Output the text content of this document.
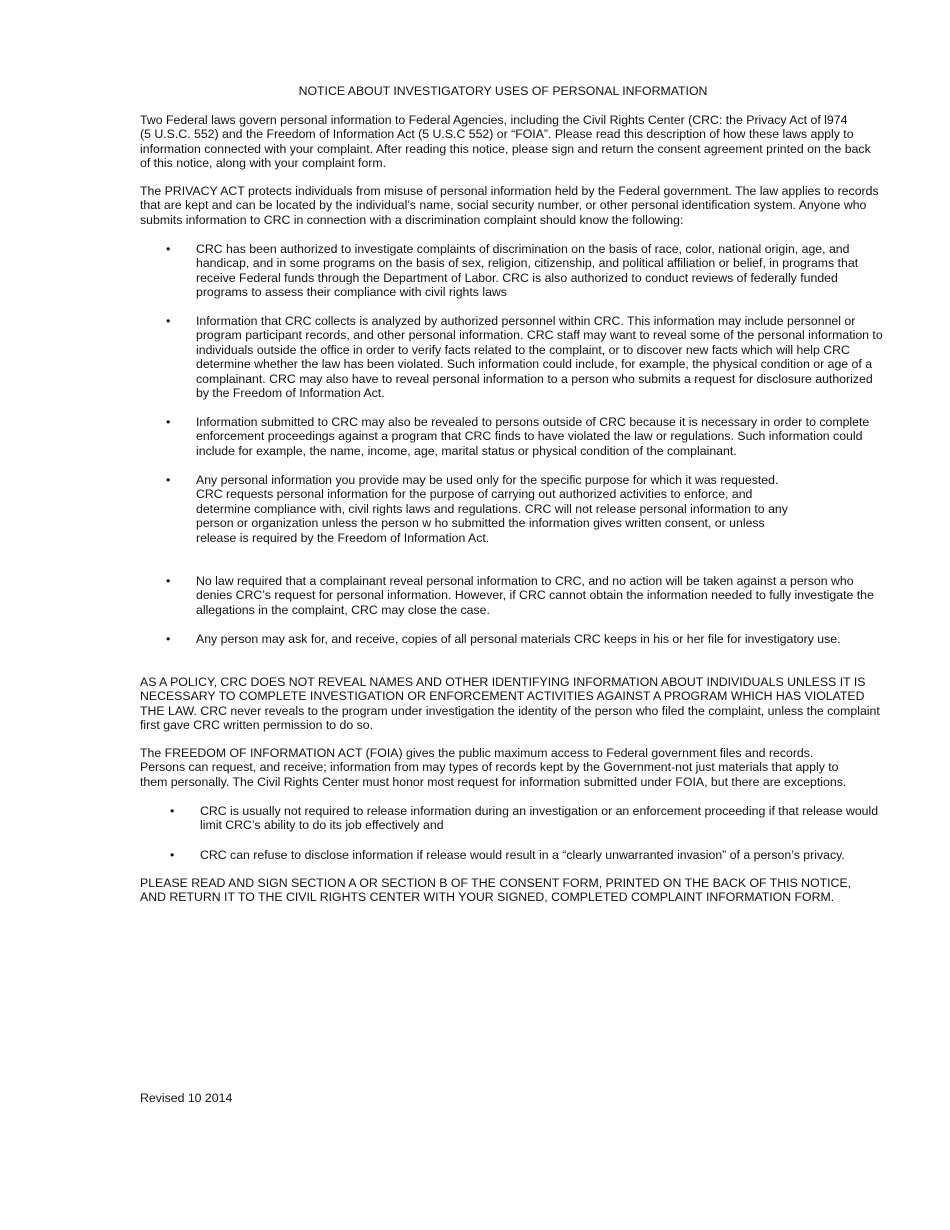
NOTICE ABOUT INVESTIGATORY USES OF PERSONAL INFORMATION
Two Federal laws govern personal information to Federal Agencies, including the Civil Rights Center (CRC: the Privacy Act of l974
(5 U.S.C. 552) and the Freedom of Information Act (5 U.S.C 552) or “FOIA”. Please read this description of how these laws apply to
information connected with your complaint. After reading this notice, please sign and return the consent agreement printed on the back
of this notice, along with your complaint form.
The PRIVACY ACT protects individuals from misuse of personal information held by the Federal government. The law applies to records
that are kept and can be located by the individual’s name, social security number, or other personal identification system. Anyone who
submits information to CRC in connection with a discrimination complaint should know the following:
•	CRC has been authorized to investigate complaints of discrimination on the basis of race, color, national origin, age, and
handicap, and in some programs on the basis of sex, religion, citizenship, and political affiliation or belief, in programs that
receive Federal funds through the Department of Labor. CRC is also authorized to conduct reviews of federally funded
programs to assess their compliance with civil rights laws
•	Information that CRC collects is analyzed by authorized personnel within CRC. This information may include personnel or
program participant records, and other personal information. CRC staff may want to reveal some of the personal information to
individuals outside the office in order to verify facts related to the complaint, or to discover new facts which will help CRC
determine whether the law has been violated. Such information could include, for example, the physical condition or age of a
complainant. CRC may also have to reveal personal information to a person who submits a request for disclosure authorized
by the Freedom of Information Act.
•	Information submitted to CRC may also be revealed to persons outside of CRC because it is necessary in order to complete
enforcement proceedings against a program that CRC finds to have violated the law or regulations. Such information could
include for example, the name, income, age, marital status or physical condition of the complainant.
•	Any personal information you provide may be used only for the specific purpose for which it was requested.
CRC requests personal information for the purpose of carrying out authorized activities to enforce, and
determine compliance with, civil rights laws and regulations. CRC will not release personal information to any
person or organization unless the person w ho submitted the information gives written consent, or unless
release is required by the Freedom of Information Act.
•	No law required that a complainant reveal personal information to CRC, and no action will be taken against a person who
denies CRC’s request for personal information. However, if CRC cannot obtain the information needed to fully investigate the
allegations in the complaint, CRC may close the case.
•	Any person may ask for, and receive, copies of all personal materials CRC keeps in his or her file for investigatory use.
AS A POLICY, CRC DOES NOT REVEAL NAMES AND OTHER IDENTIFYING INFORMATION ABOUT INDIVIDUALS UNLESS IT IS
NECESSARY TO COMPLETE INVESTIGATION OR ENFORCEMENT ACTIVITIES AGAINST A PROGRAM WHICH HAS VIOLATED
THE LAW. CRC never reveals to the program under investigation the identity of the person who filed the complaint, unless the complaint
first gave CRC written permission to do so.
The FREEDOM OF INFORMATION ACT (FOIA) gives the public maximum access to Federal government files and records.
Persons can request, and receive; information from may types of records kept by the Government-not just materials that apply to
them personally. The Civil Rights Center must honor most request for information submitted under FOIA, but there are exceptions.
•	CRC is usually not required to release information during an investigation or an enforcement proceeding if that release would
limit CRC’s ability to do its job effectively and
•	CRC can refuse to disclose information if release would result in a “clearly unwarranted invasion” of a person’s privacy.
PLEASE READ AND SIGN SECTION A OR SECTION B OF THE CONSENT FORM, PRINTED ON THE BACK OF THIS NOTICE,
AND RETURN IT TO THE CIVIL RIGHTS CENTER WITH YOUR SIGNED, COMPLETED COMPLAINT INFORMATION FORM.
Revised 10 2014
